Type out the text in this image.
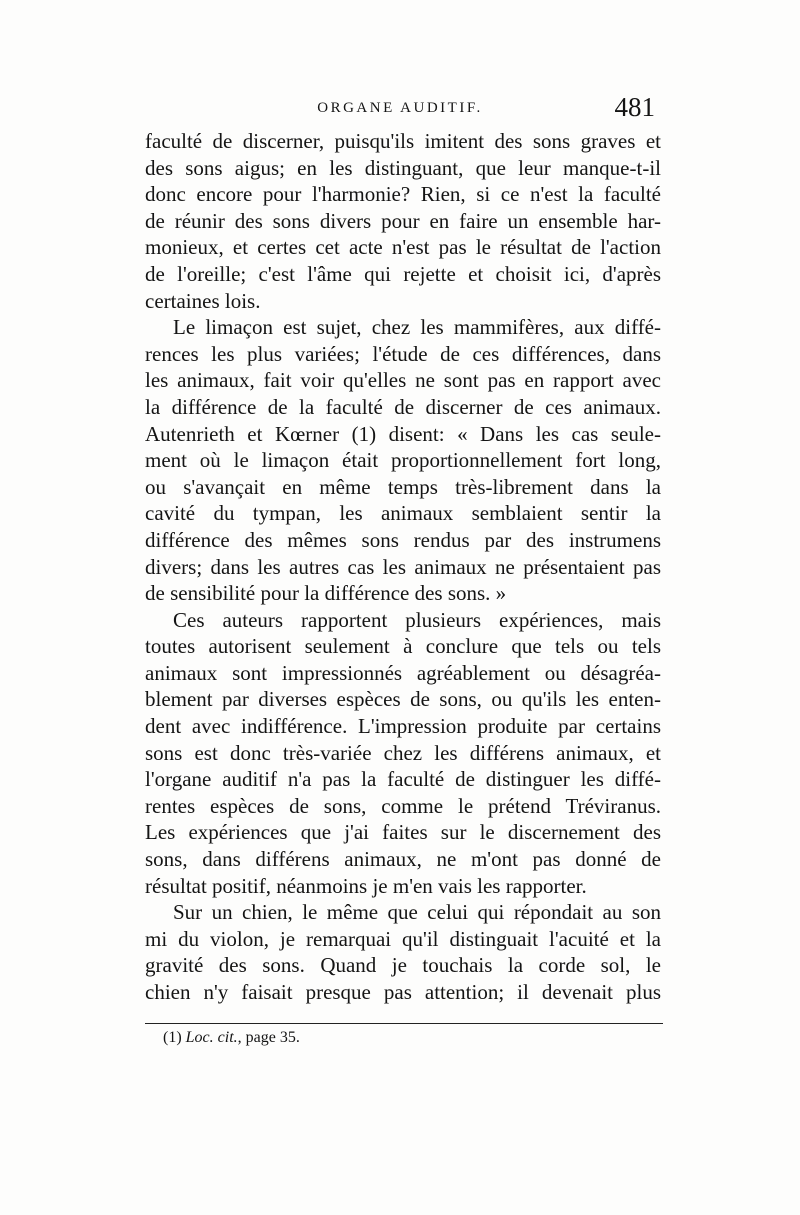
ORGANE AUDITIF.	481

faculté de discerner, puisqu'ils imitent des sons graves et
des sons aigus; en les distinguant, que leur manque-t-il
donc encore pour l'harmonie? Rien, si ce n'est la faculté
de réunir des sons divers pour en faire un ensemble har-
monieux, et certes cet acte n'est pas le résultat de l'action
de l'oreille; c'est l'âme qui rejette et choisit ici, d'après
certaines lois.

Le limaçon est sujet, chez les mammifères, aux diffé-
rences les plus variées; l'étude de ces différences, dans
les animaux, fait voir qu'elles ne sont pas en rapport avec
la différence de la faculté de discerner de ces animaux.
Autenrieth et Kœrner (1) disent: « Dans les cas seule-
ment où le limaçon était proportionnellement fort long,
ou s'avançait en même temps très-librement dans la
cavité du tympan, les animaux semblaient sentir la
différence des mêmes sons rendus par des instrumens
divers; dans les autres cas les animaux ne présentaient pas
de sensibilité pour la différence des sons. »

Ces auteurs rapportent plusieurs expériences, mais
toutes autorisent seulement à conclure que tels ou tels
animaux sont impressionnés agréablement ou désagréa-
blement par diverses espèces de sons, ou qu'ils les enten-
dent avec indifférence. L'impression produite par certains
sons est donc très-variée chez les différens animaux, et
l'organe auditif n'a pas la faculté de distinguer les diffé-
rentes espèces de sons, comme le prétend Tréviranus.
Les expériences que j'ai faites sur le discernement des
sons, dans différens animaux, ne m'ont pas donné de
résultat positif, néanmoins je m'en vais les rapporter.

Sur un chien, le même que celui qui répondait au son
mi du violon, je remarquai qu'il distinguait l'acuité et la
gravité des sons. Quand je touchais la corde sol, le
chien n'y faisait presque pas attention; il devenait plus

(1) Loc. cit., page 35.
